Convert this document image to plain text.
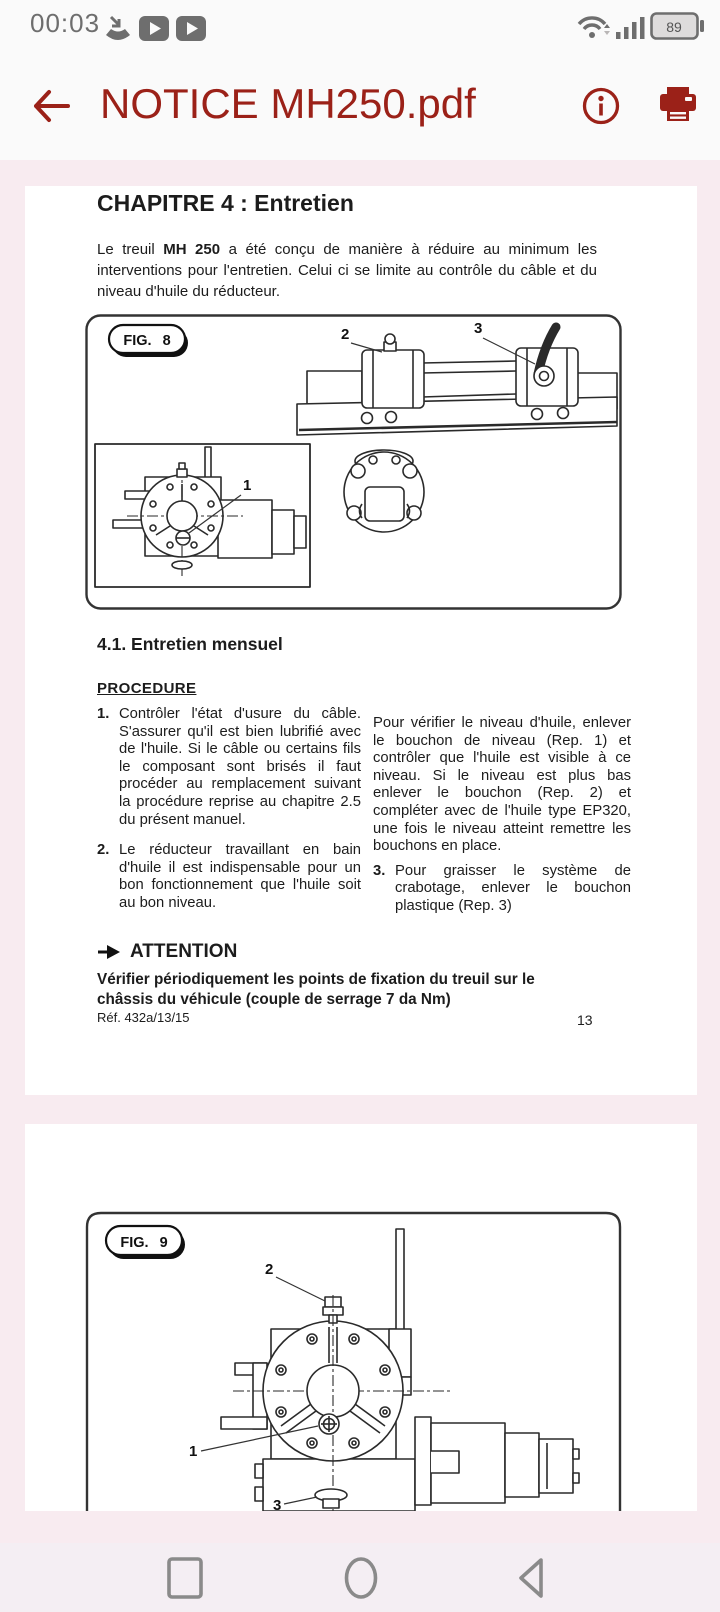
00:03	89
NOTICE MH250.pdf
CHAPITRE 4 : Entretien
Le treuil MH 250 a été conçu de manière à réduire au minimum les interventions pour l'entretien. Celui ci se limite au contrôle du câble et du niveau d'huile du réducteur.
FIG. 8	2	3
1
4.1. Entretien mensuel
PROCEDURE
1. Contrôler l'état d'usure du câble. S'assurer qu'il est bien lubrifié avec de l'huile. Si le câble ou certains fils le composant sont brisés il faut procéder au remplacement suivant la procédure reprise au chapitre 2.5 du présent manuel.
2. Le réducteur travaillant en bain d'huile il est indispensable pour un bon fonctionnement que l'huile soit au bon niveau.
Pour vérifier le niveau d'huile, enlever le bouchon de niveau (Rep. 1) et contrôler que l'huile est visible à ce niveau. Si le niveau est plus bas enlever le bouchon (Rep. 2) et compléter avec de l'huile type EP320, une fois le niveau atteint remettre les bouchons en place.
3. Pour graisser le système de crabotage, enlever le bouchon plastique (Rep. 3)
ATTENTION
Vérifier périodiquement les points de fixation du treuil sur le châssis du véhicule (couple de serrage 7 da Nm)
Réf. 432a/13/15	13
FIG. 9
2
1
3
